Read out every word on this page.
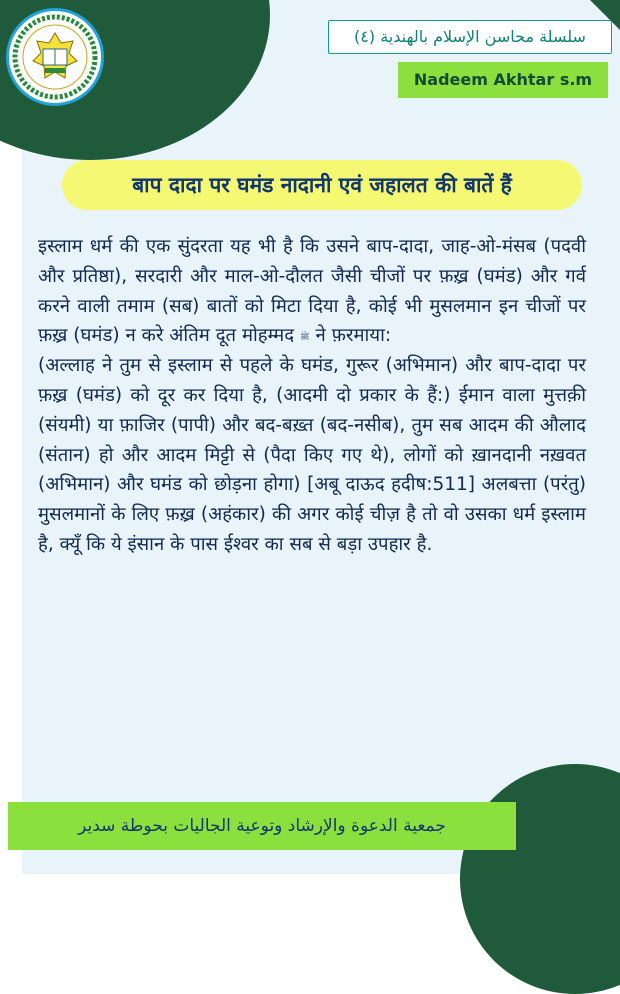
سلسلة محاسن الإسلام بالهندية (٤)
Nadeem Akhtar s.m
बाप दादा पर घमंड नादानी एवं जहालत की बातें हैं

इस्लाम धर्म की एक सुंदरता यह भी है कि उसने बाप-दादा, जाह-ओ-मंसब (पदवी और प्रतिष्ठा), सरदारी और माल-ओ-दौलत जैसी चीजों पर फ़ख़्र (घमंड) और गर्व करने वाली तमाम (सब) बातों को मिटा दिया है, कोई भी मुसलमान इन चीजों पर फ़ख़्र (घमंड) न करे अंतिम दूत मोहम्मद ﷺ ने फ़रमाया:

(अल्लाह ने तुम से इस्लाम से पहले के घमंड, गुरूर (अभिमान) और बाप-दादा पर फ़ख़्र (घमंड) को दूर कर दिया है, (आदमी दो प्रकार के हैं:) ईमान वाला मुत्तक़ी (संयमी) या फ़ाजिर (पापी) और बद-बख़्त (बद-नसीब), तुम सब आदम की औलाद (संतान) हो और आदम मिट्टी से (पैदा किए गए थे), लोगों को ख़ानदानी नख़वत (अभिमान) और घमंड को छोड़ना होगा) [अबू दाऊद हदीष:511] अलबत्ता (परंतु) मुसलमानों के लिए फ़ख़्र (अहंकार) की अगर कोई चीज़ है तो वो उसका धर्म इस्लाम है, क्यूँ कि ये इंसान के पास ईश्वर का सब से बड़ा उपहार है.

جمعية الدعوة والإرشاد وتوعية الجاليات بحوطة سدير
